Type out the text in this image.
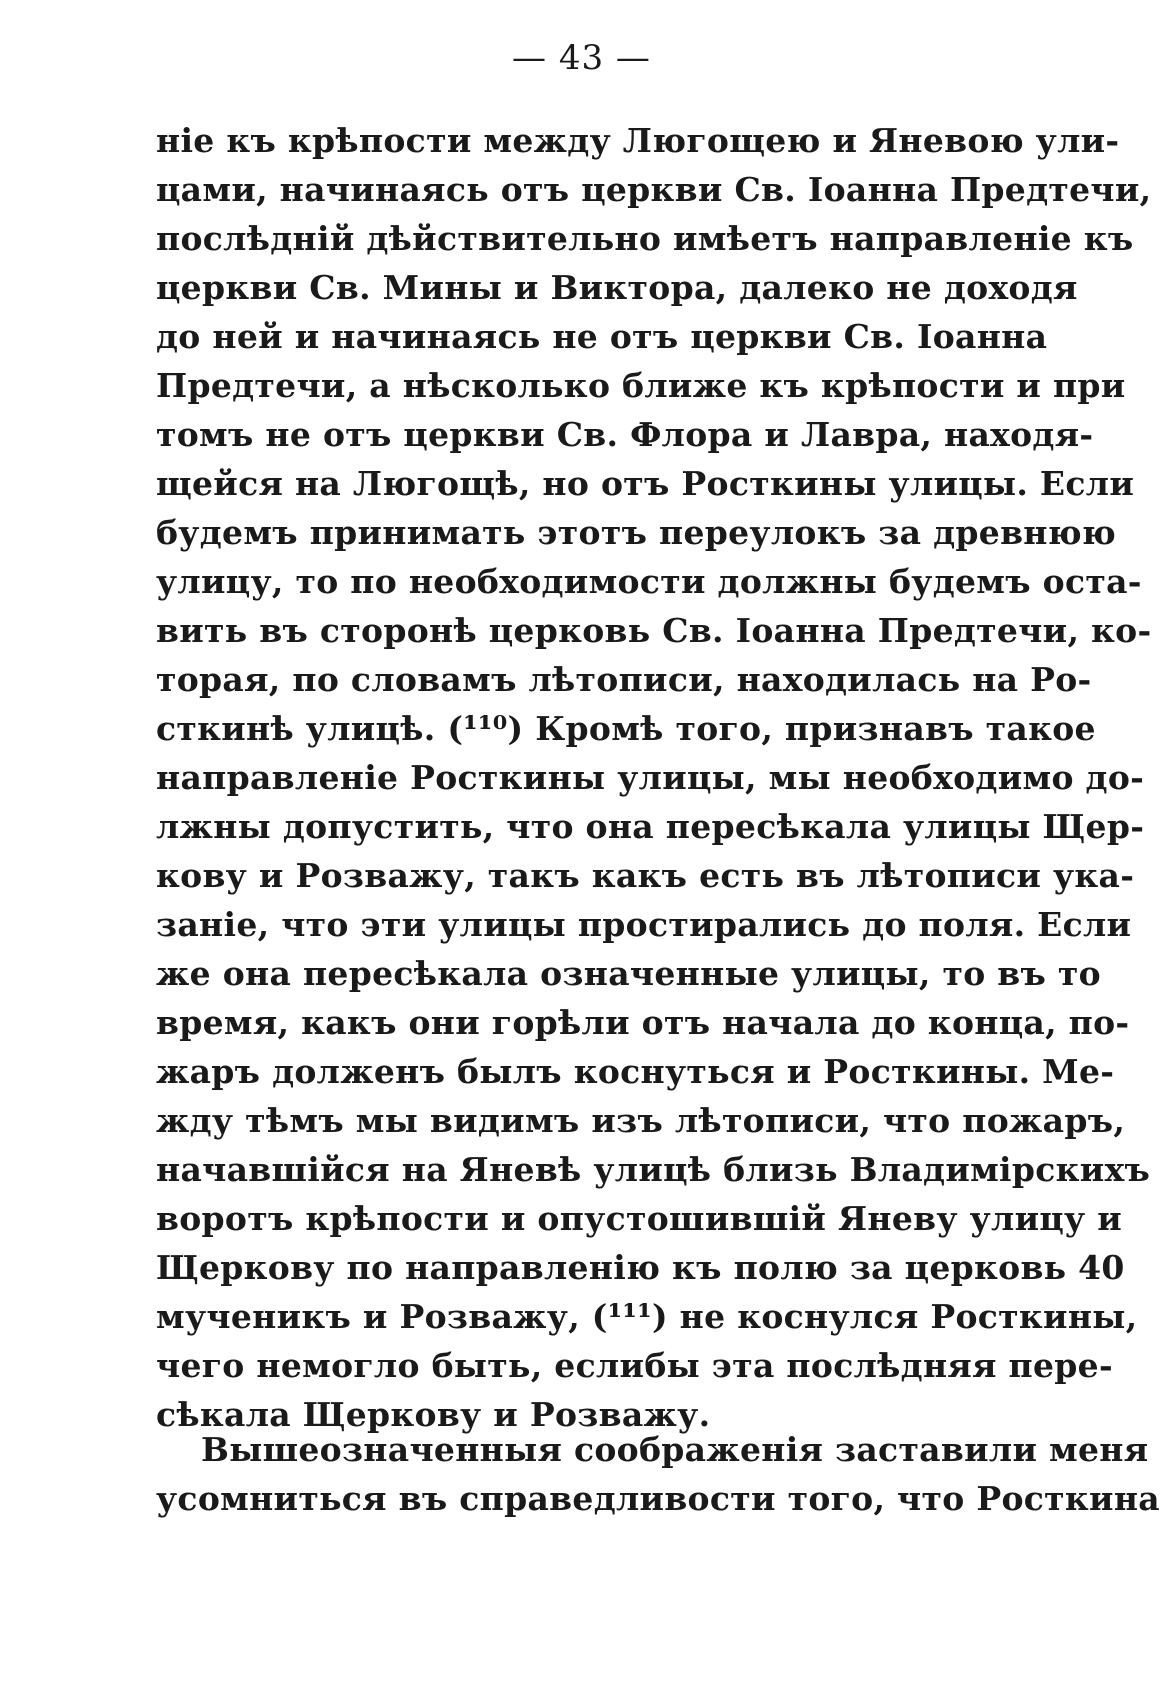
— 43 —
ніе къ крѣпости между Люгощею и Яневою ули-
цами, начинаясь отъ церкви Св. Іоанна Предтечи,
послѣдній дѣйствительно имѣетъ направленіе къ
церкви Св. Мины и Виктора, далеко не доходя
до ней и начинаясь не отъ церкви Св. Іоанна
Предтечи, а нѣсколько ближе къ крѣпости и при
томъ не отъ церкви Св. Флора и Лавра, находя-
щейся на Люгощѣ, но отъ Росткины улицы. Если
будемъ принимать этотъ переулокъ за древнюю
улицу, то по необходимости должны будемъ оста-
вить въ сторонѣ церковь Св. Іоанна Предтечи, ко-
торая, по словамъ лѣтописи, находилась на Ро-
сткинѣ улицѣ. (¹¹⁰) Кромѣ того, признавъ такое
направленіе Росткины улицы, мы необходимо до-
лжны допустить, что она пересѣкала улицы Щер-
кову и Розважу, такъ какъ есть въ лѣтописи ука-
заніе, что эти улицы простирались до поля. Если
же она пересѣкала означенные улицы, то въ то
время, какъ они горѣли отъ начала до конца, по-
жаръ долженъ былъ коснуться и Росткины. Ме-
жду тѣмъ мы видимъ изъ лѣтописи, что пожаръ,
начавшійся на Яневѣ улицѣ близь Владимірскихъ
воротъ крѣпости и опустошившій Яневу улицу и
Щеркову по направленію къ полю за церковь 40
мученикъ и Розважу, (¹¹¹) не коснулся Росткины,
чего немогло быть, еслибы эта послѣдняя пере-
сѣкала Щеркову и Розважу.
Вышеозначенныя соображенія заставили меня
усомниться въ справедливости того, что Росткина
